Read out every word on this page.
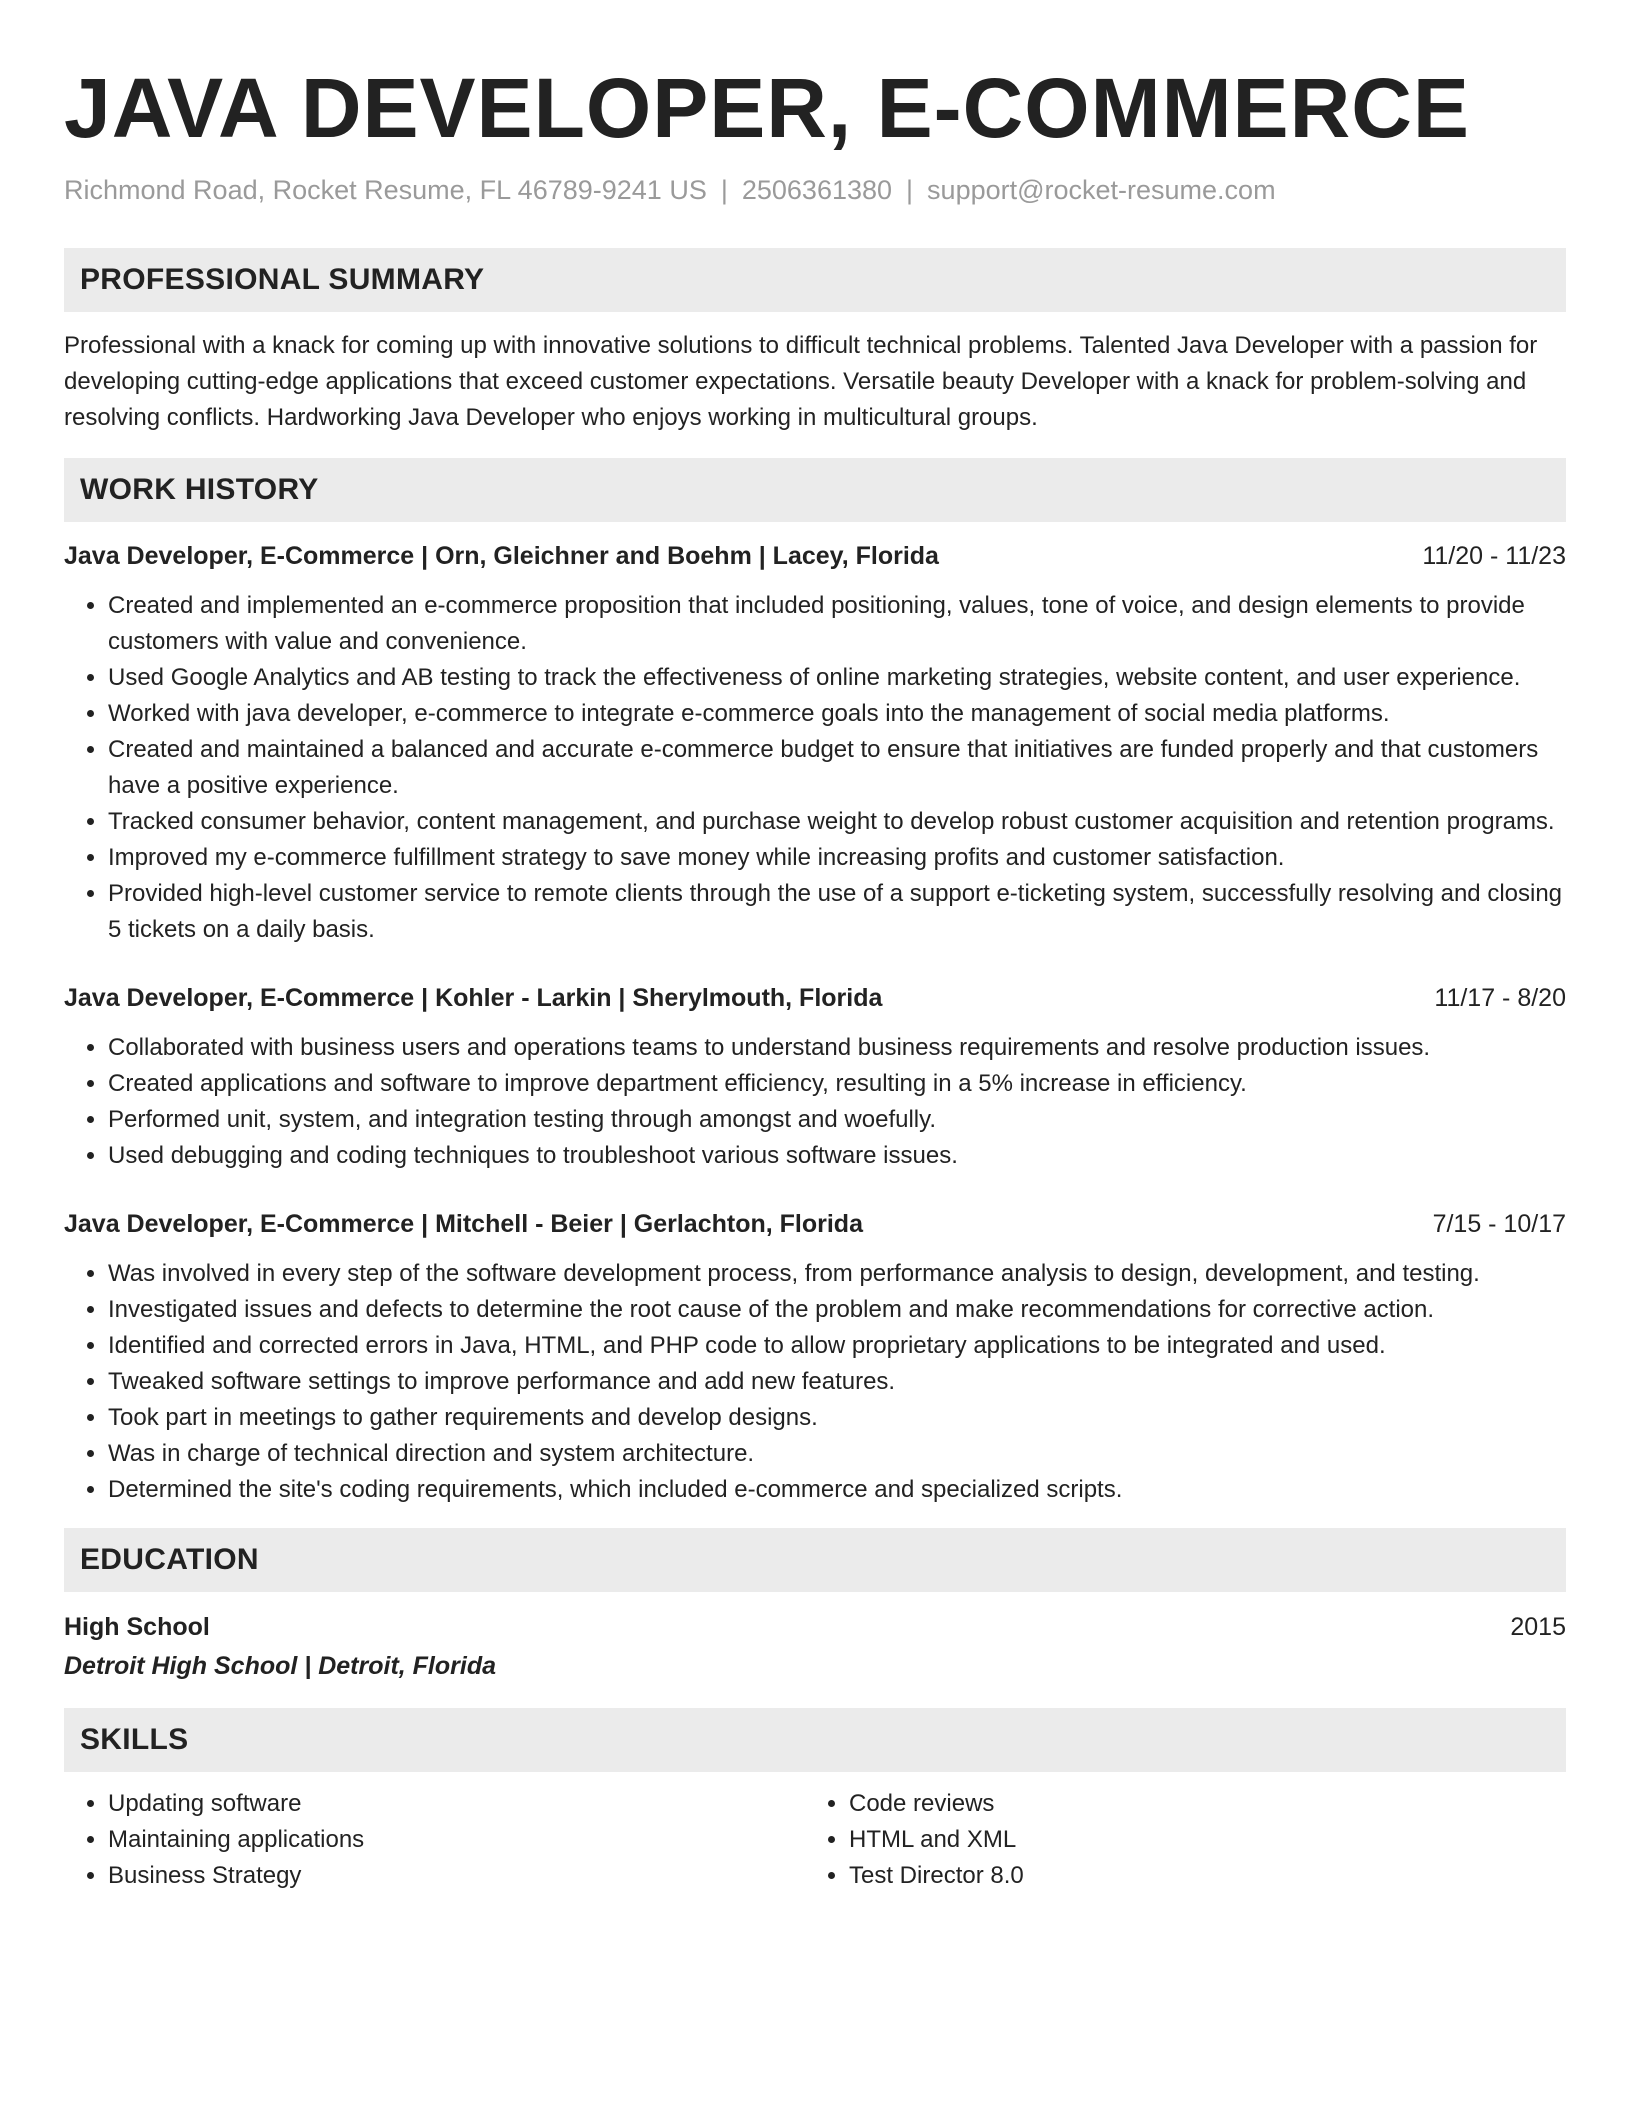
JAVA DEVELOPER, E-COMMERCE
Richmond Road, Rocket Resume, FL 46789-9241 US | 2506361380 | support@rocket-resume.com
PROFESSIONAL SUMMARY
Professional with a knack for coming up with innovative solutions to difficult technical problems. Talented Java Developer with a passion for developing cutting-edge applications that exceed customer expectations. Versatile beauty Developer with a knack for problem-solving and resolving conflicts. Hardworking Java Developer who enjoys working in multicultural groups.
WORK HISTORY
Java Developer, E-Commerce | Orn, Gleichner and Boehm | Lacey, Florida	11/20 - 11/23
• Created and implemented an e-commerce proposition that included positioning, values, tone of voice, and design elements to provide customers with value and convenience.
• Used Google Analytics and AB testing to track the effectiveness of online marketing strategies, website content, and user experience.
• Worked with java developer, e-commerce to integrate e-commerce goals into the management of social media platforms.
• Created and maintained a balanced and accurate e-commerce budget to ensure that initiatives are funded properly and that customers have a positive experience.
• Tracked consumer behavior, content management, and purchase weight to develop robust customer acquisition and retention programs.
• Improved my e-commerce fulfillment strategy to save money while increasing profits and customer satisfaction.
• Provided high-level customer service to remote clients through the use of a support e-ticketing system, successfully resolving and closing 5 tickets on a daily basis.
Java Developer, E-Commerce | Kohler - Larkin | Sherylmouth, Florida	11/17 - 8/20
• Collaborated with business users and operations teams to understand business requirements and resolve production issues.
• Created applications and software to improve department efficiency, resulting in a 5% increase in efficiency.
• Performed unit, system, and integration testing through amongst and woefully.
• Used debugging and coding techniques to troubleshoot various software issues.
Java Developer, E-Commerce | Mitchell - Beier | Gerlachton, Florida	7/15 - 10/17
• Was involved in every step of the software development process, from performance analysis to design, development, and testing.
• Investigated issues and defects to determine the root cause of the problem and make recommendations for corrective action.
• Identified and corrected errors in Java, HTML, and PHP code to allow proprietary applications to be integrated and used.
• Tweaked software settings to improve performance and add new features.
• Took part in meetings to gather requirements and develop designs.
• Was in charge of technical direction and system architecture.
• Determined the site's coding requirements, which included e-commerce and specialized scripts.
EDUCATION
High School	2015
Detroit High School | Detroit, Florida
SKILLS
• Updating software
• Maintaining applications
• Business Strategy
• Code reviews
• HTML and XML
• Test Director 8.0
